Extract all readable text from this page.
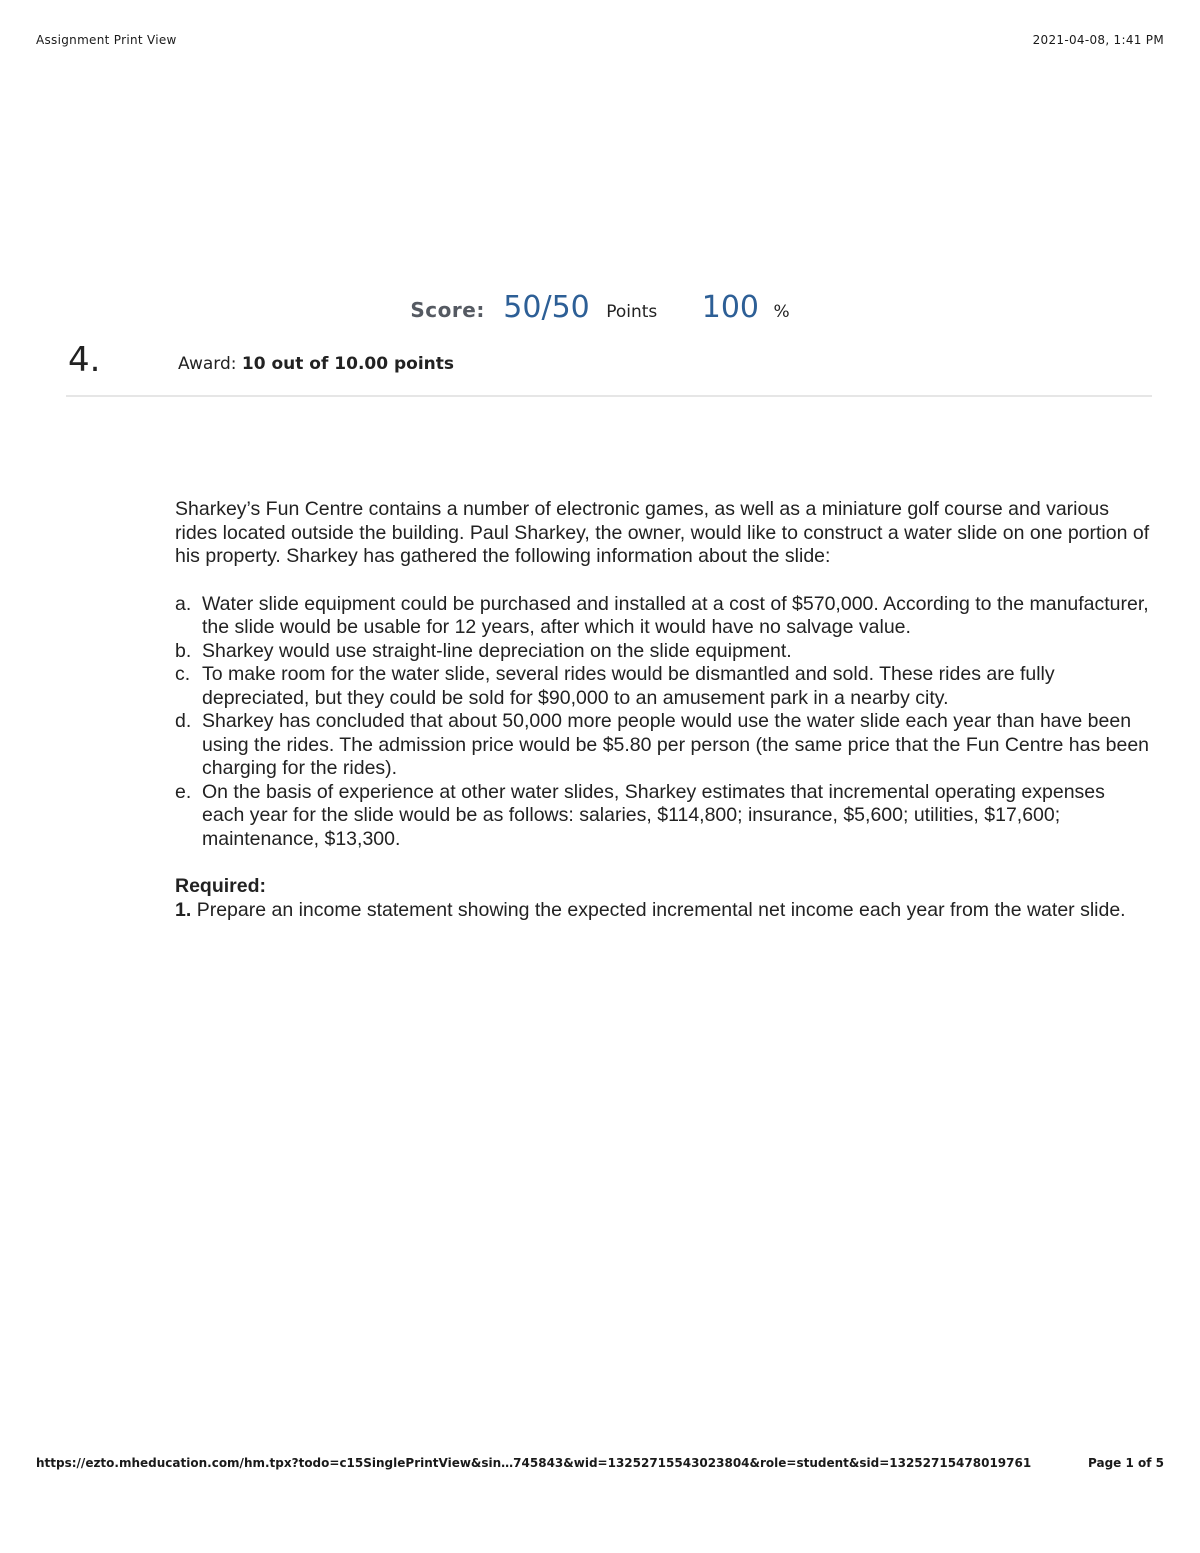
Assignment Print View	2021-04-08, 1:41 PM
Score: 50/50 Points 100 %
4.	Award: 10 out of 10.00 points

Sharkey’s Fun Centre contains a number of electronic games, as well as a miniature golf course and various rides located outside the building. Paul Sharkey, the owner, would like to construct a water slide on one portion of his property. Sharkey has gathered the following information about the slide:

a. Water slide equipment could be purchased and installed at a cost of $570,000. According to the manufacturer, the slide would be usable for 12 years, after which it would have no salvage value.
b. Sharkey would use straight-line depreciation on the slide equipment.
c. To make room for the water slide, several rides would be dismantled and sold. These rides are fully depreciated, but they could be sold for $90,000 to an amusement park in a nearby city.
d. Sharkey has concluded that about 50,000 more people would use the water slide each year than have been using the rides. The admission price would be $5.80 per person (the same price that the Fun Centre has been charging for the rides).
e. On the basis of experience at other water slides, Sharkey estimates that incremental operating expenses each year for the slide would be as follows: salaries, $114,800; insurance, $5,600; utilities, $17,600; maintenance, $13,300.
Required:
1. Prepare an income statement showing the expected incremental net income each year from the water slide.
https://ezto.mheducation.com/hm.tpx?todo=c15SinglePrintView&sin…745843&wid=13252715543023804&role=student&sid=13252715478019761	Page 1 of 5
